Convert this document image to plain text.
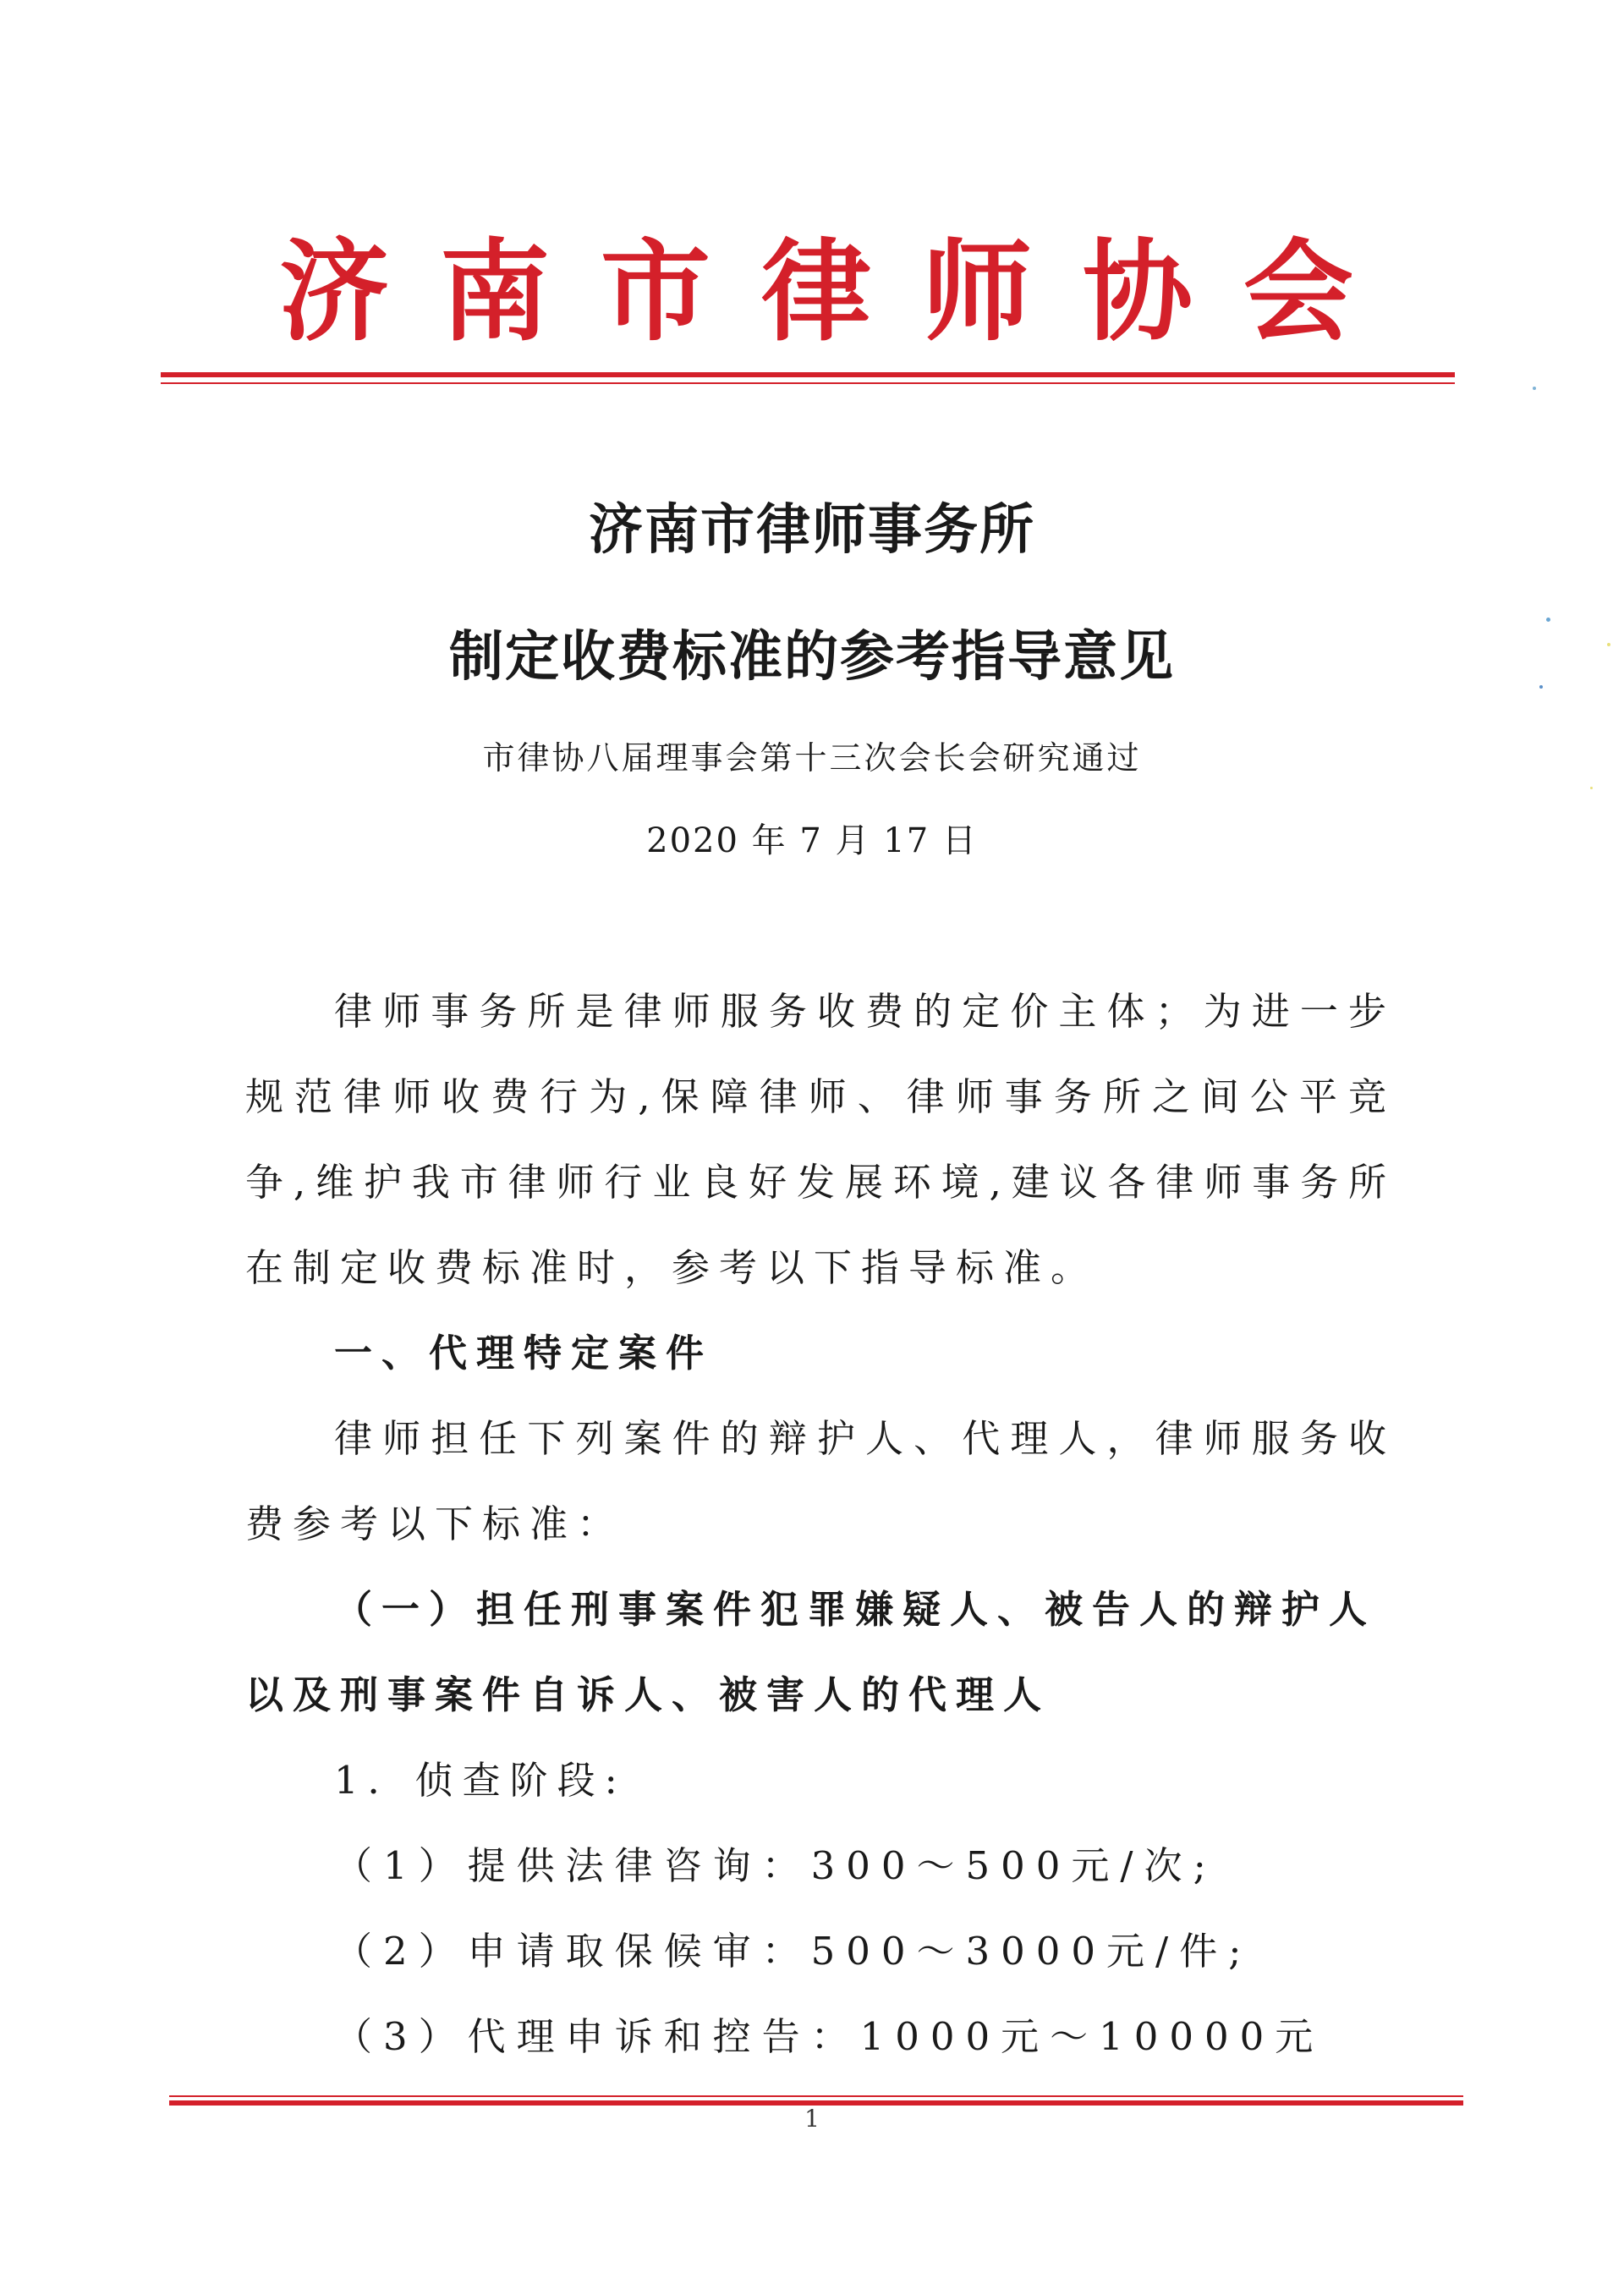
济 南 市 律 师 协 会
济南市律师事务所
制定收费标准的参考指导意见
市律协八届理事会第十三次会长会研究通过
2020 年 7 月 17 日

律师事务所是律师服务收费的定价主体；为进一步规范律师收费行为,保障律师、律师事务所之间公平竞争,维护我市律师行业良好发展环境,建议各律师事务所在制定收费标准时，参考以下指导标准。

一、代理特定案件

律师担任下列案件的辩护人、代理人，律师服务收费参考以下标准：

（一）担任刑事案件犯罪嫌疑人、被告人的辩护人以及刑事案件自诉人、被害人的代理人

1．侦查阶段:

（1）提供法律咨询：300～500元/次;

（2）申请取保候审：500～3000元/件;

（3）代理申诉和控告：1000元～10000元

1
